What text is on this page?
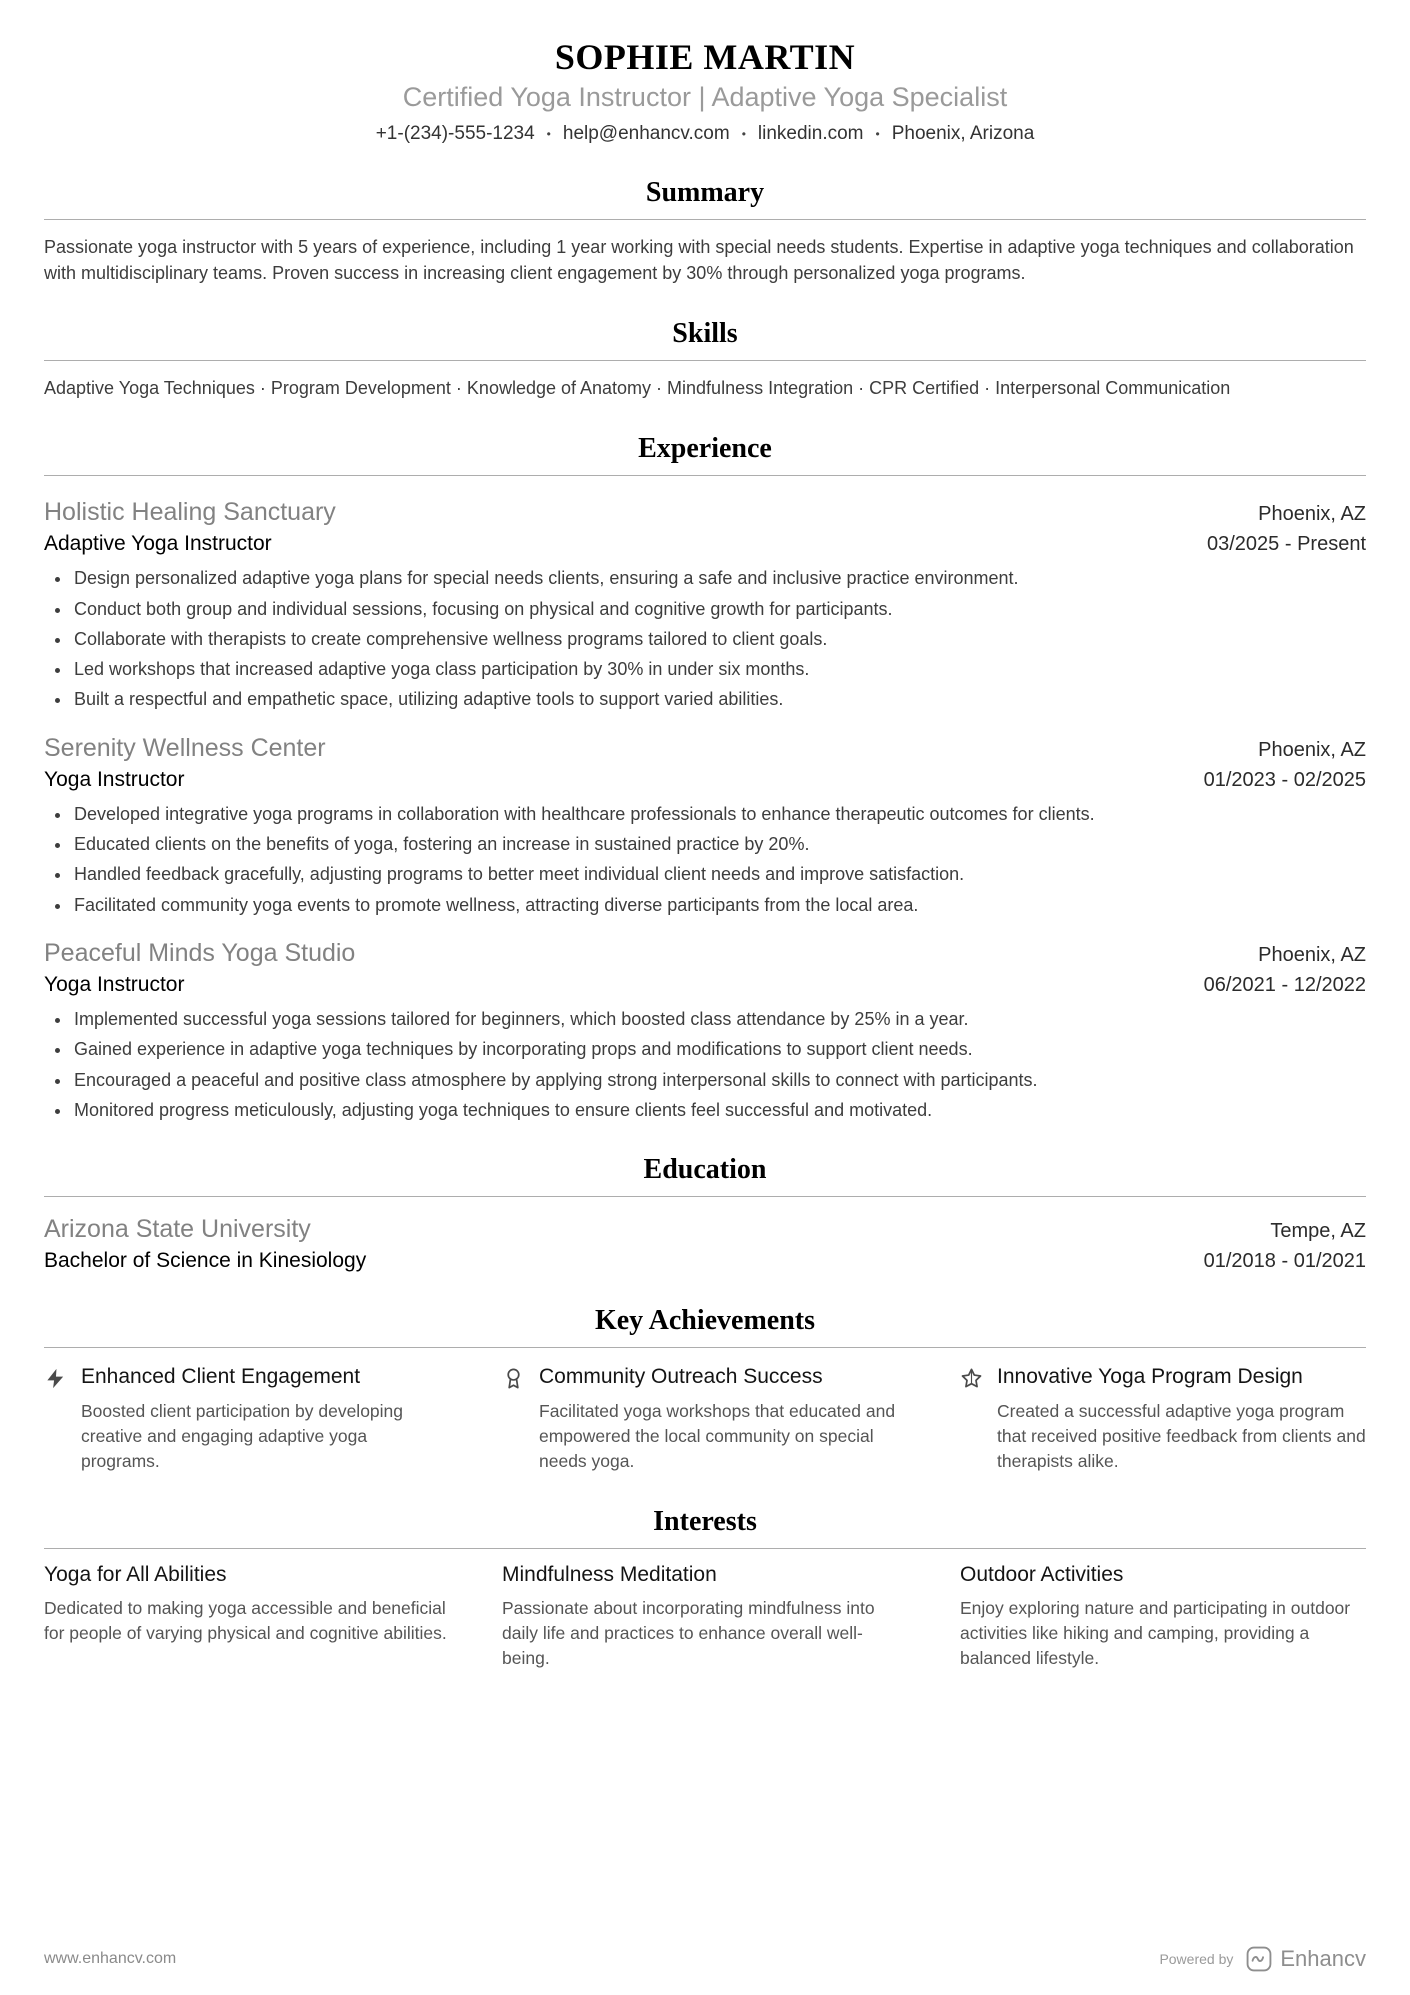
SOPHIE MARTIN
Certified Yoga Instructor | Adaptive Yoga Specialist
+1-(234)-555-1234 • help@enhancv.com • linkedin.com • Phoenix, Arizona
Summary

Passionate yoga instructor with 5 years of experience, including 1 year working with special needs students. Expertise in adaptive yoga techniques and collaboration with multidisciplinary teams. Proven success in increasing client engagement by 30% through personalized yoga programs.

Skills

Adaptive Yoga Techniques · Program Development · Knowledge of Anatomy · Mindfulness Integration · CPR Certified · Interpersonal Communication

Experience
Holistic Healing Sanctuary	Phoenix, AZ
Adaptive Yoga Instructor	03/2025 - Present
• Design personalized adaptive yoga plans for special needs clients, ensuring a safe and inclusive practice environment.
• Conduct both group and individual sessions, focusing on physical and cognitive growth for participants.
• Collaborate with therapists to create comprehensive wellness programs tailored to client goals.
• Led workshops that increased adaptive yoga class participation by 30% in under six months.
• Built a respectful and empathetic space, utilizing adaptive tools to support varied abilities.
Serenity Wellness Center	Phoenix, AZ
Yoga Instructor	01/2023 - 02/2025
• Developed integrative yoga programs in collaboration with healthcare professionals to enhance therapeutic outcomes for clients.
• Educated clients on the benefits of yoga, fostering an increase in sustained practice by 20%.
• Handled feedback gracefully, adjusting programs to better meet individual client needs and improve satisfaction.
• Facilitated community yoga events to promote wellness, attracting diverse participants from the local area.
Peaceful Minds Yoga Studio	Phoenix, AZ
Yoga Instructor	06/2021 - 12/2022
• Implemented successful yoga sessions tailored for beginners, which boosted class attendance by 25% in a year.
• Gained experience in adaptive yoga techniques by incorporating props and modifications to support client needs.
• Encouraged a peaceful and positive class atmosphere by applying strong interpersonal skills to connect with participants.
• Monitored progress meticulously, adjusting yoga techniques to ensure clients feel successful and motivated.
Education
Arizona State University	Tempe, AZ
Bachelor of Science in Kinesiology	01/2018 - 01/2021
Key Achievements
Enhanced Client Engagement
Boosted client participation by developing creative and engaging adaptive yoga programs.
Community Outreach Success
Facilitated yoga workshops that educated and empowered the local community on special needs yoga.
Innovative Yoga Program Design
Created a successful adaptive yoga program that received positive feedback from clients and therapists alike.
Interests
Yoga for All Abilities
Dedicated to making yoga accessible and beneficial for people of varying physical and cognitive abilities.
Mindfulness Meditation
Passionate about incorporating mindfulness into daily life and practices to enhance overall well-being.
Outdoor Activities
Enjoy exploring nature and participating in outdoor activities like hiking and camping, providing a balanced lifestyle.
www.enhancv.com	Powered by Enhancv
